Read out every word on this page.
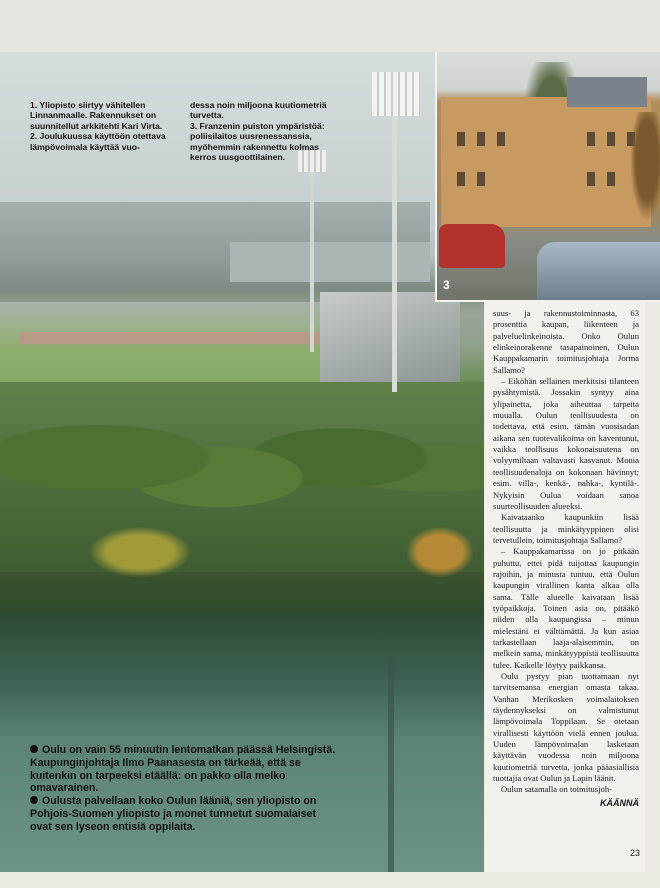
3

1. Yliopisto siirtyy vähitellen Linnanmaalle. Rakennukset on suunnitellut arkkitehti Kari Virta.
2. Joulukuussa käyttöön otettava lämpövoimala käyttää vuo-

dessa noin miljoona kuutiometriä turvetta.
3. Franzenin puiston ympäristöä: poliisilaitos uusrenessanssia, myöhemmin rakennettu kolmas kerros uusgoottilainen.

Oulu on vain 55 minuutin lentomatkan päässä Helsingistä. Kaupunginjohtaja Ilmo Paanasesta on tärkeää, että se kuitenkin on tarpeeksi etäällä: on pakko olla melko omavarainen.

Oulusta palvellaan koko Oulun lääniä, sen yliopisto on Pohjois-Suomen yliopisto ja monet tunnetut suomalaiset ovat sen lyseon entisiä oppilaita.

suus- ja rakennustoiminnasta, 63 prosenttia kaupan, liikenteen ja palveluelinkeinoista. Onko Oulun elinkeinorakenne tasapainoinen, Oulun Kauppakamarin toimitusjohtaja Jorma Sallamo?

– Eiköhän sellainen merkitsisi tilanteen pysähtymistä. Jossakin syntyy aina ylipainetta, joka aiheuttaa tarpeita muualla. Oulun teollisuudesta on todettava, että esim. tämän vuosisadan aikana sen tuotevalikoima on kaventunut, vaikka teollisuus kokonaisuutena on volyymiltaan valtavasti kasvanut. Monia teollisuudenaloja on kokonaan hävinnyt; esim. villa-, kenkä-, nahka-, kyntilä-. Nykyisin Oulua voidaan sanoa suurteollisuuden alueeksi.

Kaivataanko kaupunkiin lisää teollisuutta ja minkätyyppinen olisi tervetullein, toimitusjohtaja Sallamo?

– Kauppakamarissa on jo pitkään puhuttu, ettei pidä tuijottaa kaupungin rajoihin, ja minusta tuntuu, että Oulun kaupungin virallinen kanta alkaa olla sama. Tälle alueelle kaivataan lisää työpaikkoja. Toinen asia on, pitääkö niiden olla kaupungissa – minun mielestäni ei välttämättä. Ja kun asiaa tarkastellaan laaja-alaisemmin, on melkein sama, minkätyyppistä teollisuutta tulee. Kaikelle löytyy paikkansa.

Oulu pystyy pian tuottamaan nyt tarvitsemansa energian omasta takaa. Vanhan Merikosken voimalaitoksen täydennykseksi on valmistunut lämpövoimala Toppilaan. Se otetaan virallisesti käyttöön vielä ennen joulua. Uuden lämpövoimalan lasketaan käyttävän vuodessa noin miljoona kuutiometriä turvetta, jonka pääasiallisia tuottajia ovat Oulun ja Lapin läänit.

Oulun satamalla on toimitusjoh-

KÄÄNNÄ
23
